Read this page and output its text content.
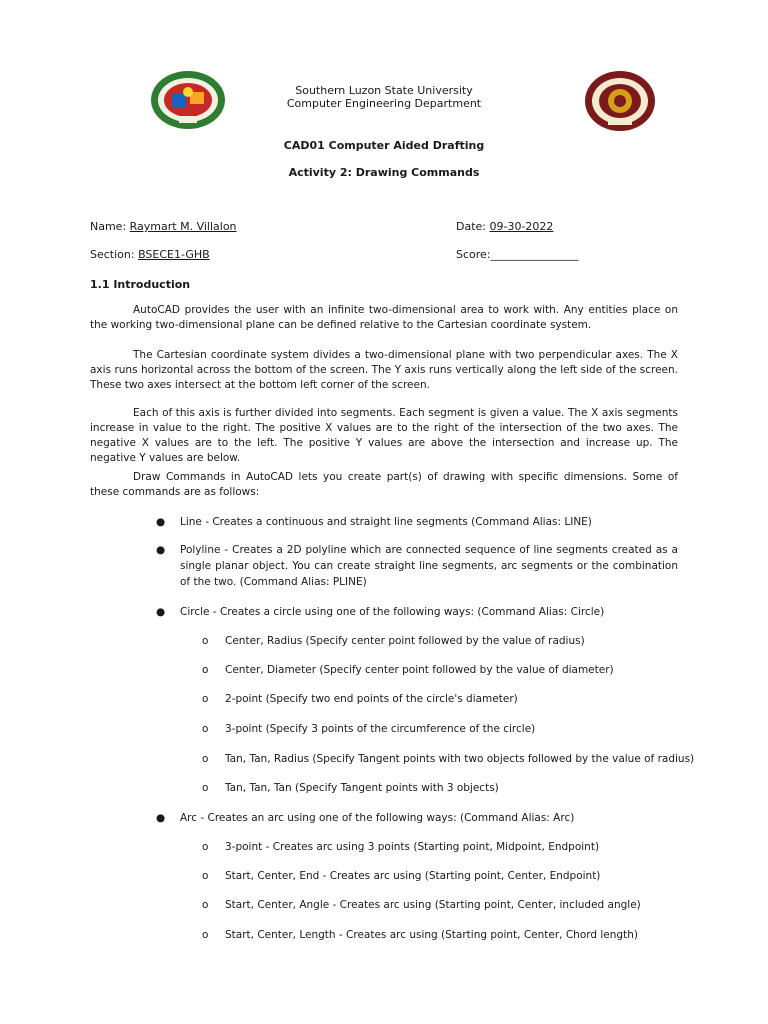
Southern Luzon State University
Computer Engineering Department
CAD01 Computer Aided Drafting
Activity 2: Drawing Commands
Name: Raymart M. Villalon	Date: 09-30-2022
Section: BSECE1-GHB	Score:________________
1.1 Introduction

AutoCAD provides the user with an infinite two-dimensional area to work with. Any entities place on the working two-dimensional plane can be defined relative to the Cartesian coordinate system.

The Cartesian coordinate system divides a two-dimensional plane with two perpendicular axes. The X axis runs horizontal across the bottom of the screen. The Y axis runs vertically along the left side of the screen. These two axes intersect at the bottom left corner of the screen.

Each of this axis is further divided into segments. Each segment is given a value. The X axis segments increase in value to the right. The positive X values are to the right of the intersection of the two axes. The negative X values are to the left. The positive Y values are above the intersection and increase up. The negative Y values are below.

Draw Commands in AutoCAD lets you create part(s) of drawing with specific dimensions. Some of these commands are as follows:

● Line - Creates a continuous and straight line segments (Command Alias: LINE)
● Polyline - Creates a 2D polyline which are connected sequence of line segments created as a single planar object. You can create straight line segments, arc segments or the combination of the two. (Command Alias: PLINE)
● Circle - Creates a circle using one of the following ways: (Command Alias: Circle)
o Center, Radius (Specify center point followed by the value of radius)
o Center, Diameter (Specify center point followed by the value of diameter)
o 2-point (Specify two end points of the circle's diameter)
o 3-point (Specify 3 points of the circumference of the circle)
o Tan, Tan, Radius (Specify Tangent points with two objects followed by the value of radius)
o Tan, Tan, Tan (Specify Tangent points with 3 objects)
● Arc - Creates an arc using one of the following ways: (Command Alias: Arc)
o 3-point - Creates arc using 3 points (Starting point, Midpoint, Endpoint)
o Start, Center, End - Creates arc using (Starting point, Center, Endpoint)
o Start, Center, Angle - Creates arc using (Starting point, Center, included angle)
o Start, Center, Length - Creates arc using (Starting point, Center, Chord length)
